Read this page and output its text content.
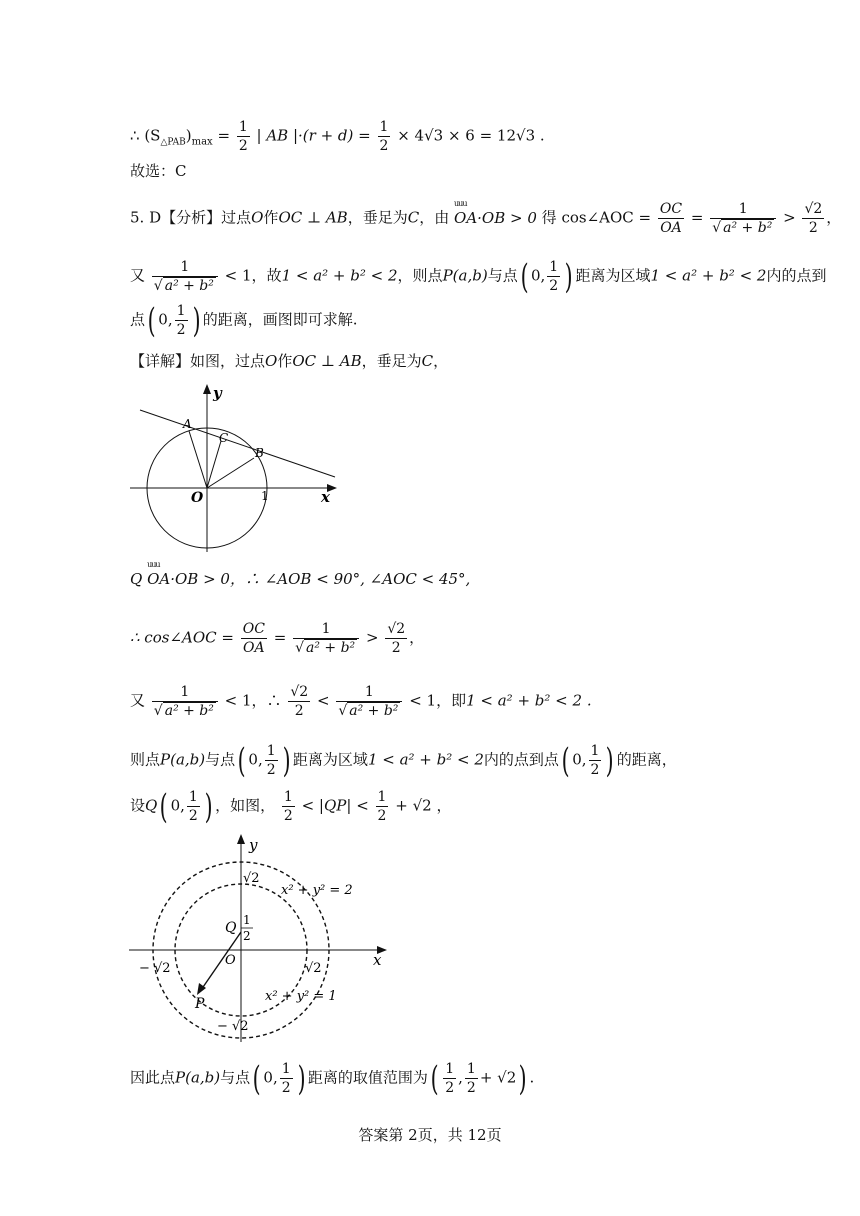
∴ $(S_{\triangle PAB})_{max} = \frac{1}{2}$ | AB $|\cdot(r + d) = \frac{1}{2} \times 4√3 \times 6 = 12√3$ .
故选：C
5. D【分析】过点O作OC ⊥ AB，垂足为C，由 uuu OA·OB > 0 得 cos∠AOC = $\frac{OC}{OA} = \frac{1}{\text{√ a² + b²}} > \frac{√2}{2}$ ，
又 $\frac{1}{\text{√ a² + b²}} < 1$，故1 < a² + b² < 2，则点P(a,b)与点( 0, $\frac{1}{2}$ ) 距离为区域1 < a² + b² < 2内的点到
点( 0, $\frac{1}{2}$ ) 的距离，画图即可求解.
【详解】如图，过点O作OC ⊥ AB，垂足为C，
y
x
O
A
B
C
1
Q uuu OA·OB > 0，∴ ∠AOB < 90°, ∠AOC < 45°,
∴ cos∠AOC = $\frac{OC}{OA} = \frac{1}{\text{√ a² + b²}} > \frac{√2}{2}$ ，
又 $\frac{1}{\text{√ a² + b²}} < 1$，∴ $\frac{√2}{2} < \frac{1}{\text{√ a² + b²}} < 1$，即1 < a² + b² < 2 .
则点P(a,b)与点( 0, $\frac{1}{2}$ ) 距离为区域1 < a² + b² < 2内的点到点( 0, $\frac{1}{2}$ ) 的距离，
设Q( 0, $\frac{1}{2}$ ) ，如图， $\frac{1}{2} < |QP| < \frac{1}{2} + √2$ ，
y
x
O
Q 1
2
P
√2
√2
− √2
− √2
x² + y² = 2
x² + y² = 1
因此点P(a,b)与点( 0, $\frac{1}{2}$ ) 距离的取值范围为( $\frac{1}{2}$ , $\frac{1}{2} + √2$) .
答案第 2页，共 12页
